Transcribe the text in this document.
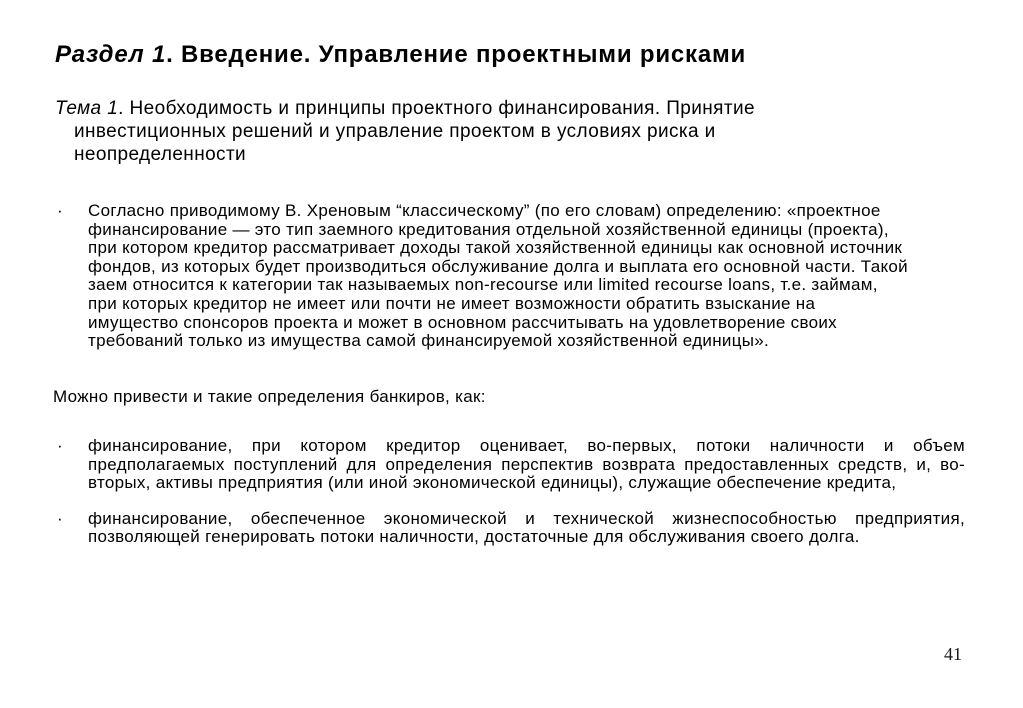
Раздел 1. Введение. Управление проектными рисками
Тема 1. Необходимость и принципы проектного финансирования. Принятие инвестиционных решений и управление проектом в условиях риска и неопределенности
· Согласно приводимому В. Хреновым “классическому” (по его словам) определению: «проектное финансирование — это тип заемного кредитования отдельной хозяйственной единицы (проекта), при котором кредитор рассматривает доходы такой хозяйственной единицы как основной источник фондов, из которых будет производиться обслуживание долга и выплата его основной части. Такой заем относится к категории так называемых non-recourse или limited recourse loans, т.е. займам, при которых кредитор не имеет или почти не имеет возможности обратить взыскание на имущество спонсоров проекта и может в основном рассчитывать на удовлетворение своих требований только из имущества самой финансируемой хозяйственной единицы».

Можно привести и такие определения банкиров, как:

· финансирование, при котором кредитор оценивает, во-первых, потоки наличности и объем предполагаемых поступлений для определения перспектив возврата предоставленных средств, и, во-вторых, активы предприятия (или иной экономической единицы), служащие обеспечение кредита,
· финансирование, обеспеченное экономической и технической жизнеспособностью предприятия, позволяющей генерировать потоки наличности, достаточные для обслуживания своего долга.
41
